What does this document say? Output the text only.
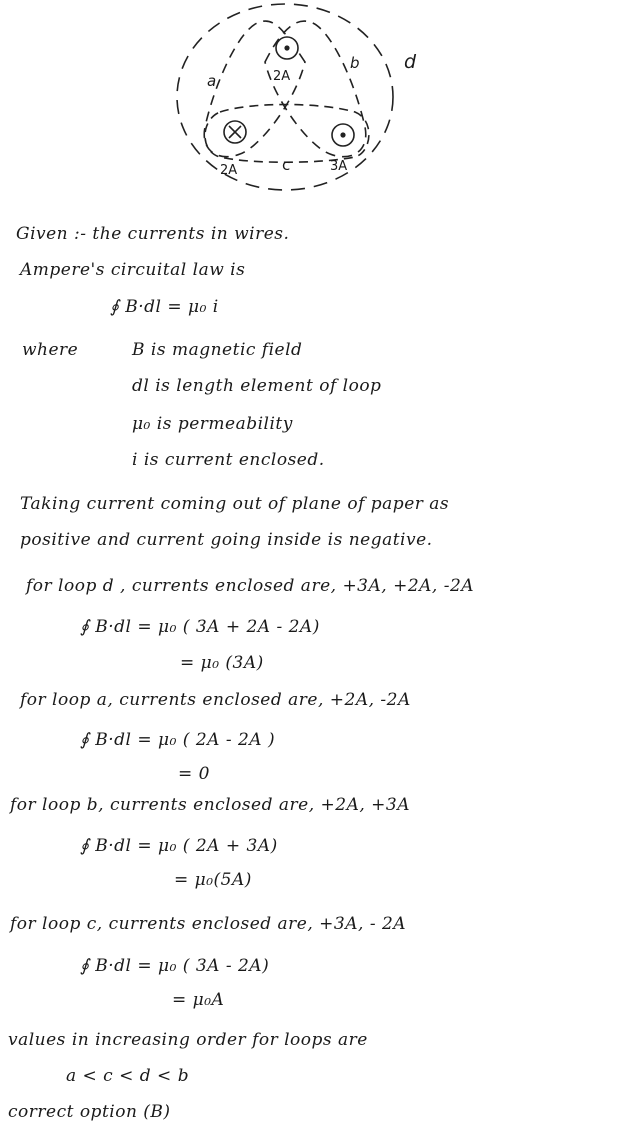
2A
2A	3A
a
b
c
d
Given :- the currents in wires.
Ampere's circuital law is
∮ B·dl = μ₀ i
where	B is magnetic field
dl is length element of loop
μ₀ is permeability
i is current enclosed.
Taking current coming out of plane of paper as
positive and current going inside is negative.
for loop d , currents enclosed are, +3A, +2A, -2A
∮ B·dl = μ₀ ( 3A + 2A - 2A)
= μ₀ (3A)
for loop a, currents enclosed are, +2A, -2A
∮ B·dl = μ₀ ( 2A - 2A )
= 0
for loop b, currents enclosed are, +2A, +3A
∮ B·dl = μ₀ ( 2A + 3A)
= μ₀(5A)
for loop c, currents enclosed are, +3A, - 2A
∮ B·dl = μ₀ ( 3A - 2A)
= μ₀A
values in increasing order for loops are
a < c < d < b
correct option (B)
